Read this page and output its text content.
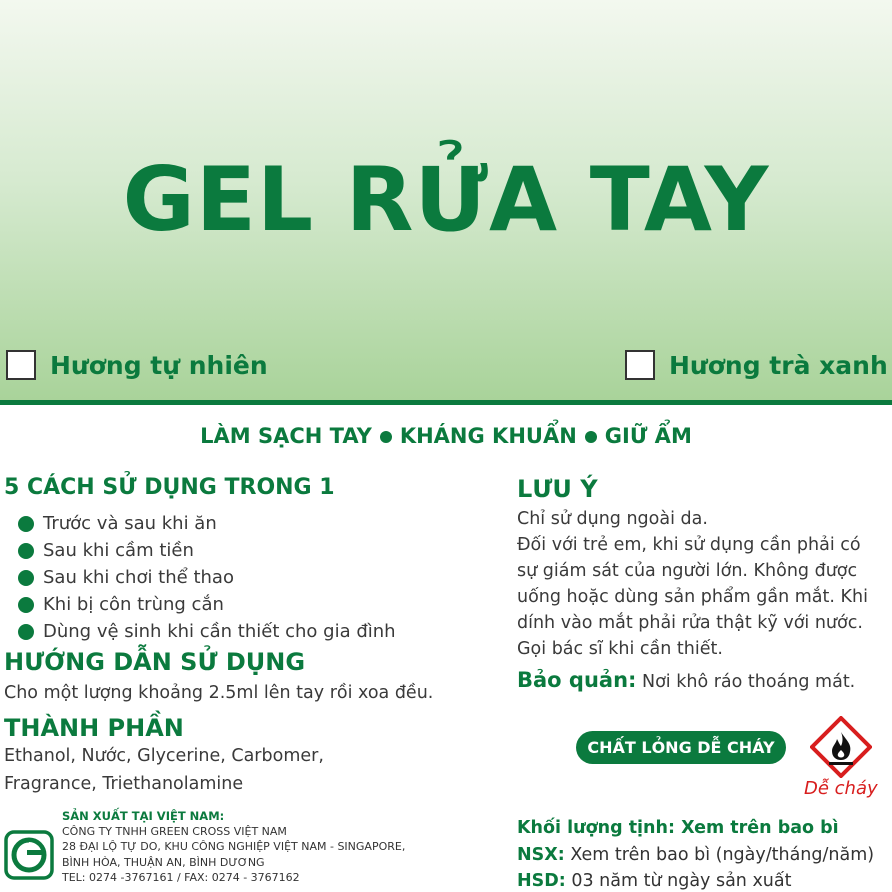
GEL RỬA TAY
Hương tự nhiên	Hương trà xanh
LÀM SẠCH TAY KHÁNG KHUẨN GIỮ ẨM
5 CÁCH SỬ DỤNG TRONG 1
Trước và sau khi ăn
Sau khi cầm tiền
Sau khi chơi thể thao
Khi bị côn trùng cắn
Dùng vệ sinh khi cần thiết cho gia đình
HƯỚNG DẪN SỬ DỤNG
Cho một lượng khoảng 2.5ml lên tay rồi xoa đều.
THÀNH PHẦN
Ethanol, Nước, Glycerine, Carbomer,
Fragrance, Triethanolamine
SẢN XUẤT TẠI VIỆT NAM:
CÔNG TY TNHH GREEN CROSS VIỆT NAM
28 ĐẠI LỘ TỰ DO, KHU CÔNG NGHIỆP VIỆT NAM - SINGAPORE,
BÌNH HÒA, THUẬN AN, BÌNH DƯƠNG
TEL: 0274 -3767161 / FAX: 0274 - 3767162
LƯU Ý
Chỉ sử dụng ngoài da.
Đối với trẻ em, khi sử dụng cần phải có
sự giám sát của người lớn. Không được
uống hoặc dùng sản phẩm gần mắt. Khi
dính vào mắt phải rửa thật kỹ với nước.
Gọi bác sĩ khi cần thiết.
Bảo quản: Nơi khô ráo thoáng mát.
CHẤT LỎNG DỄ CHÁY
Dễ cháy
Khối lượng tịnh: Xem trên bao bì
NSX: Xem trên bao bì (ngày/tháng/năm)
HSD: 03 năm từ ngày sản xuất
